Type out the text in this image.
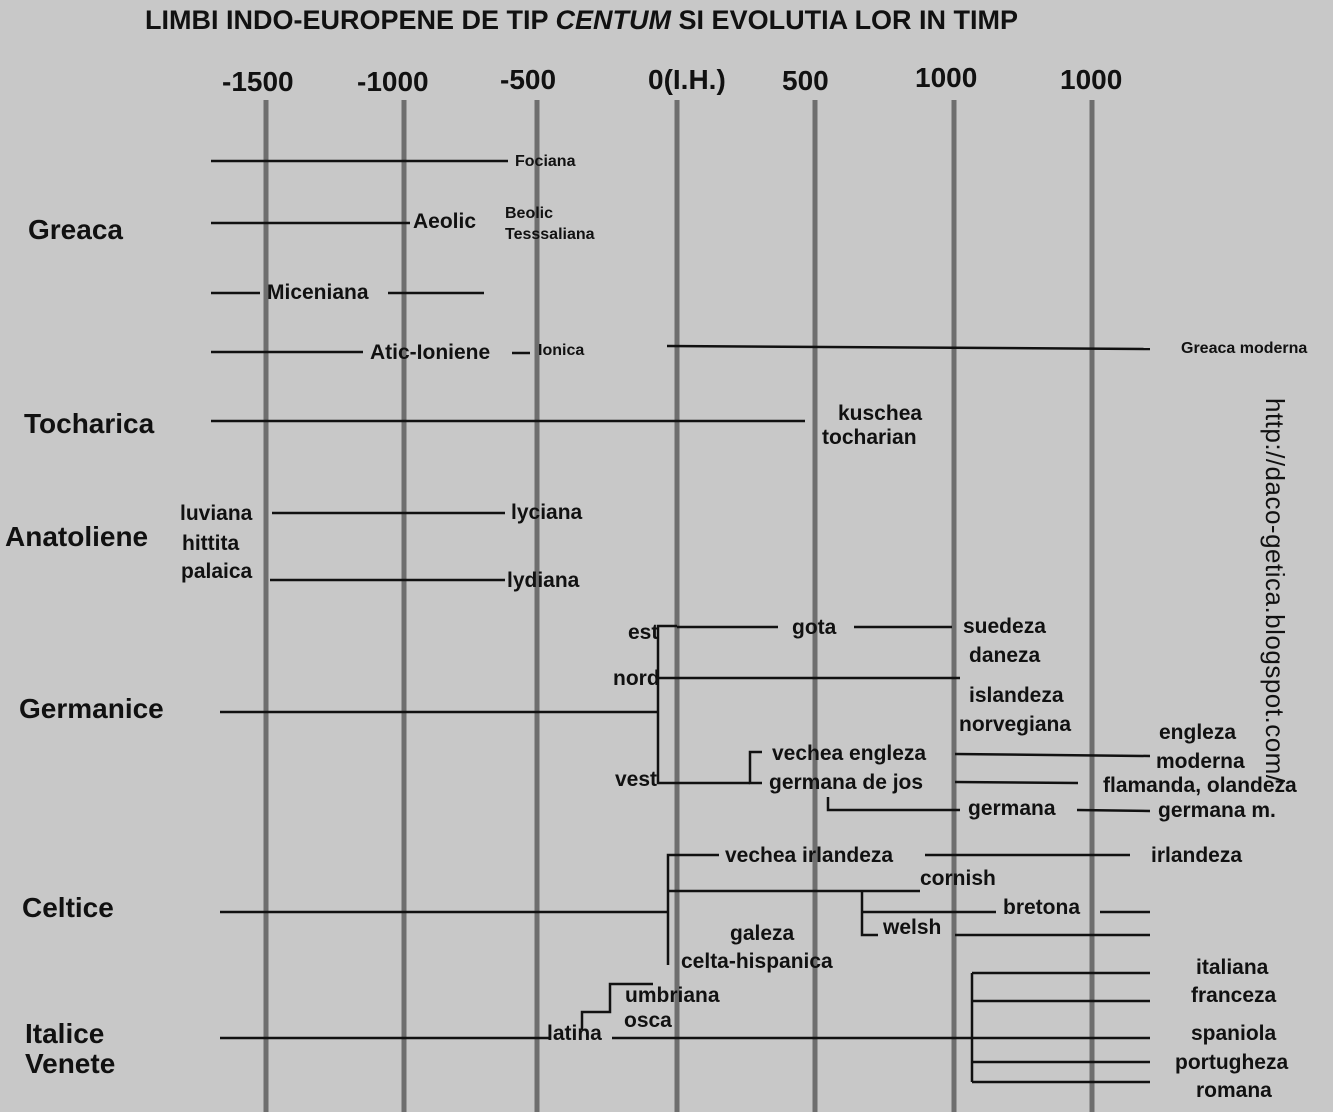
LIMBI INDO-EUROPENE DE TIP CENTUM SI EVOLUTIA LOR IN TIMP
-1500 -1000	-500	0(I.H.) 500	1000	1000
Greaca
Tocharica
Anatoliene
Germanice
Celtice
Italice
Venete
Fociana
Aeolic Beolic
Tesssaliana
Miceniana
Atic-Ioniene	Ionica	Greaca moderna
kuschea
tocharian
luviana
hittita
palaica
lyciana
lydiana
est
nord
vest
gota	suedeza
daneza
islandeza
norvegiana
vechea engleza
germana de jos
germana
engleza
moderna
flamanda, olandeza
germana m.
vechea irlandeza	irlandeza
cornish
bretona
welsh
galeza
celta-hispanica
umbriana
osca
latina
italiana
franceza
spaniola
portugheza
romana
http://daco-getica.blogspot.com/
